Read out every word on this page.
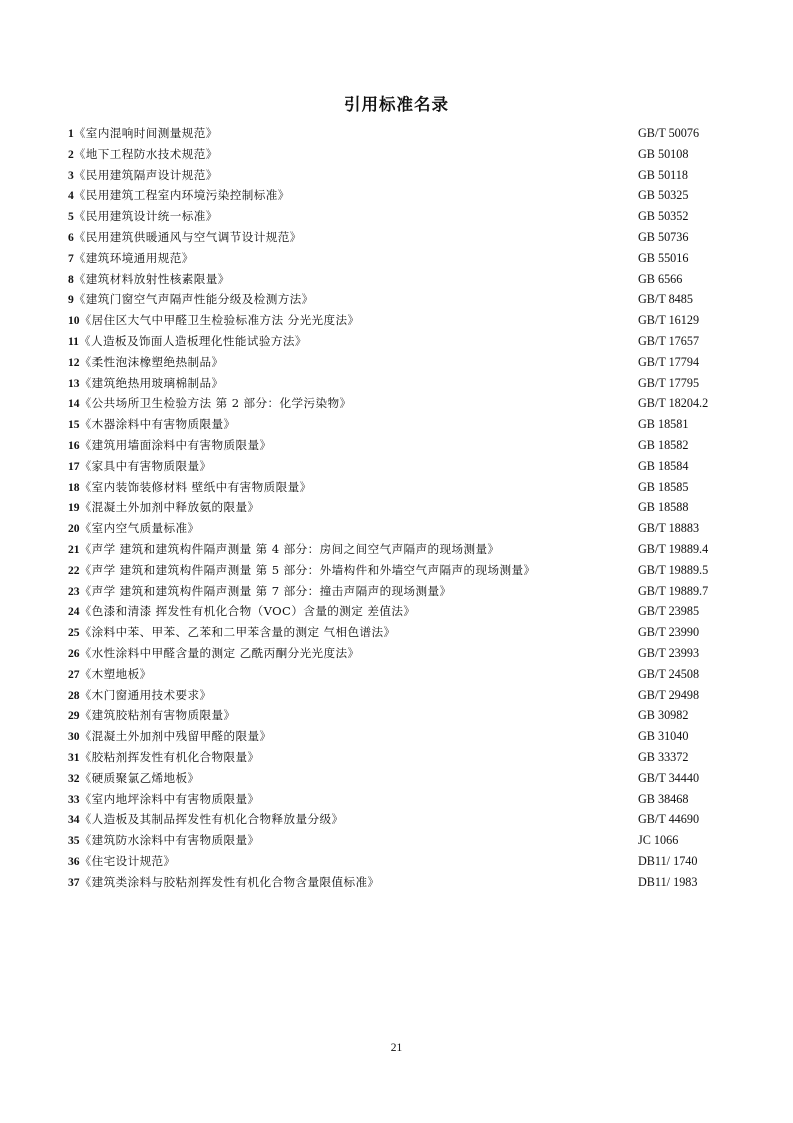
引用标准名录
1《室内混响时间测量规范》	GB/T 50076
2《地下工程防水技术规范》	GB 50108
3《民用建筑隔声设计规范》	GB 50118
4《民用建筑工程室内环境污染控制标准》	GB 50325
5《民用建筑设计统一标准》	GB 50352
6《民用建筑供暖通风与空气调节设计规范》	GB 50736
7《建筑环境通用规范》	GB 55016
8《建筑材料放射性核素限量》	GB 6566
9《建筑门窗空气声隔声性能分级及检测方法》	GB/T 8485
10《居住区大气中甲醛卫生检验标准方法 分光光度法》	GB/T 16129
11《人造板及饰面人造板理化性能试验方法》	GB/T 17657
12《柔性泡沫橡塑绝热制品》	GB/T 17794
13《建筑绝热用玻璃棉制品》	GB/T 17795
14《公共场所卫生检验方法 第 2 部分：化学污染物》	GB/T 18204.2
15《木器涂料中有害物质限量》	GB 18581
16《建筑用墙面涂料中有害物质限量》	GB 18582
17《家具中有害物质限量》	GB 18584
18《室内装饰装修材料 壁纸中有害物质限量》	GB 18585
19《混凝土外加剂中释放氨的限量》	GB 18588
20《室内空气质量标准》	GB/T 18883
21《声学 建筑和建筑构件隔声测量 第 4 部分：房间之间空气声隔声的现场测量》	GB/T 19889.4
22《声学 建筑和建筑构件隔声测量 第 5 部分：外墙构件和外墙空气声隔声的现场测量》	GB/T 19889.5
23《声学 建筑和建筑构件隔声测量 第 7 部分：撞击声隔声的现场测量》	GB/T 19889.7
24《色漆和清漆 挥发性有机化合物（VOC）含量的测定 差值法》	GB/T 23985
25《涂料中苯、甲苯、乙苯和二甲苯含量的测定 气相色谱法》	GB/T 23990
26《水性涂料中甲醛含量的测定 乙酰丙酮分光光度法》	GB/T 23993
27《木塑地板》	GB/T 24508
28《木门窗通用技术要求》	GB/T 29498
29《建筑胶粘剂有害物质限量》	GB 30982
30《混凝土外加剂中残留甲醛的限量》	GB 31040
31《胶粘剂挥发性有机化合物限量》	GB 33372
32《硬质聚氯乙烯地板》	GB/T 34440
33《室内地坪涂料中有害物质限量》	GB 38468
34《人造板及其制品挥发性有机化合物释放量分级》	GB/T 44690
35《建筑防水涂料中有害物质限量》	JC 1066
36《住宅设计规范》	DB11/ 1740
37《建筑类涂料与胶粘剂挥发性有机化合物含量限值标准》	DB11/ 1983
21
